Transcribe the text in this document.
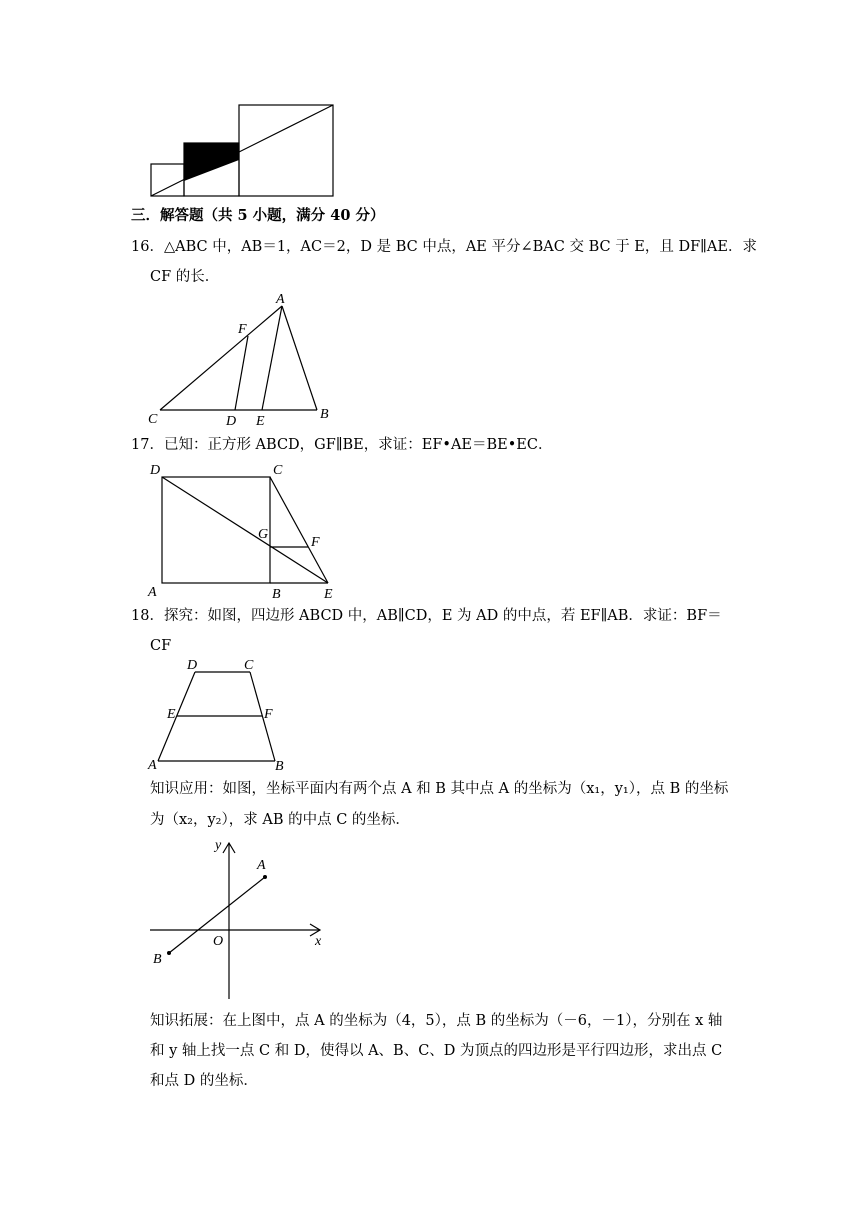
三．解答题（共 5 小题，满分 40 分）
16．△ABC 中，AB＝1，AC＝2，D 是 BC 中点，AE 平分∠BAC 交 BC 于 E，且 DF∥AE．求
CF 的长．
A
F
C	D E	B
17．已知：正方形 ABCD，GF∥BE，求证：EF•AE＝BE•EC．
D	C
G
F
A	B	E
18．探究：如图，四边形 ABCD 中，AB∥CD，E 为 AD 的中点，若 EF∥AB．求证：BF＝
CF
D	C
E	F
A	B
知识应用：如图，坐标平面内有两个点 A 和 B 其中点 A 的坐标为（x₁，y₁），点 B 的坐标
为（x₂，y₂），求 AB 的中点 C 的坐标．
y
x
O
A
B
知识拓展：在上图中，点 A 的坐标为（4，5），点 B 的坐标为（－6，－1），分别在 x 轴
和 y 轴上找一点 C 和 D，使得以 A、B、C、D 为顶点的四边形是平行四边形，求出点 C
和点 D 的坐标．
